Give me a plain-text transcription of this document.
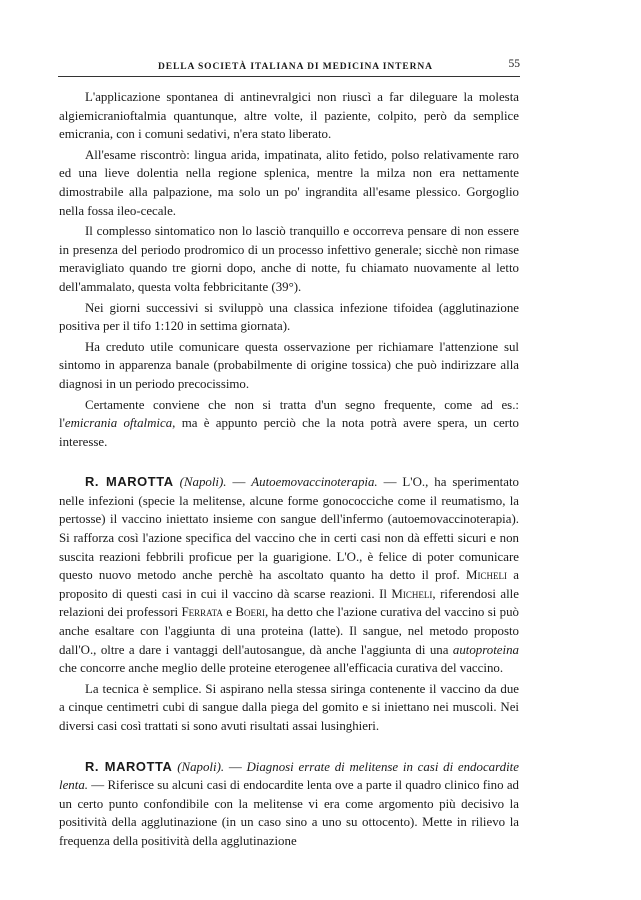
DELLA SOCIETÀ ITALIANA DI MEDICINA INTERNA	55

L'applicazione spontanea di antinevralgici non riuscì a far dileguare la molesta algiemicranioftalmia quantunque, altre volte, il paziente, colpito, però da semplice emicrania, con i comuni sedativi, n'era stato liberato.

All'esame riscontrò: lingua arida, impatinata, alito fetido, polso relativamente raro ed una lieve dolentia nella regione splenica, mentre la milza non era nettamente dimostrabile alla palpazione, ma solo un po' ingrandita all'esame plessico. Gorgoglio nella fossa ileo-cecale.

Il complesso sintomatico non lo lasciò tranquillo e occorreva pensare di non essere in presenza del periodo prodromico di un processo infettivo generale; sicchè non rimase meravigliato quando tre giorni dopo, anche di notte, fu chiamato nuovamente al letto dell'ammalato, questa volta febbricitante (39°).

Nei giorni successivi si sviluppò una classica infezione tifoidea (agglutinazione positiva per il tifo 1:120 in settima giornata).

Ha creduto utile comunicare questa osservazione per richiamare l'attenzione sul sintomo in apparenza banale (probabilmente di origine tossica) che può indirizzare alla diagnosi in un periodo precocissimo.

Certamente conviene che non si tratta d'un segno frequente, come ad es.: l'emicrania oftalmica, ma è appunto perciò che la nota potrà avere spera, un certo interesse.

R. MAROTTA (Napoli). — Autoemovaccinoterapia. — L'O., ha sperimentato nelle infezioni (specie la melitense, alcune forme gonococciche come il reumatismo, la pertosse) il vaccino iniettato insieme con sangue dell'infermo (autoemovaccinoterapia). Si rafforza così l'azione specifica del vaccino che in certi casi non dà effetti sicuri e non suscita reazioni febbrili proficue per la guarigione. L'O., è felice di poter comunicare questo nuovo metodo anche perchè ha ascoltato quanto ha detto il prof. Micheli a proposito di questi casi in cui il vaccino dà scarse reazioni. Il Micheli, riferendosi alle relazioni dei professori Ferrata e Boeri, ha detto che l'azione curativa del vaccino si può anche esaltare con l'aggiunta di una proteina (latte). Il sangue, nel metodo proposto dall'O., oltre a dare i vantaggi dell'autosangue, dà anche l'aggiunta di una autoproteina che concorre anche meglio delle proteine eterogenee all'efficacia curativa del vaccino.

La tecnica è semplice. Si aspirano nella stessa siringa contenente il vaccino da due a cinque centimetri cubi di sangue dalla piega del gomito e si iniettano nei muscoli. Nei diversi casi così trattati si sono avuti risultati assai lusinghieri.

R. MAROTTA (Napoli). — Diagnosi errate di melitense in casi di endocardite lenta. — Riferisce su alcuni casi di endocardite lenta ove a parte il quadro clinico fino ad un certo punto confondibile con la melitense vi era come argomento più decisivo la positività della agglutinazione (in un caso sino a uno su ottocento). Mette in rilievo la frequenza della positività della agglutinazione
